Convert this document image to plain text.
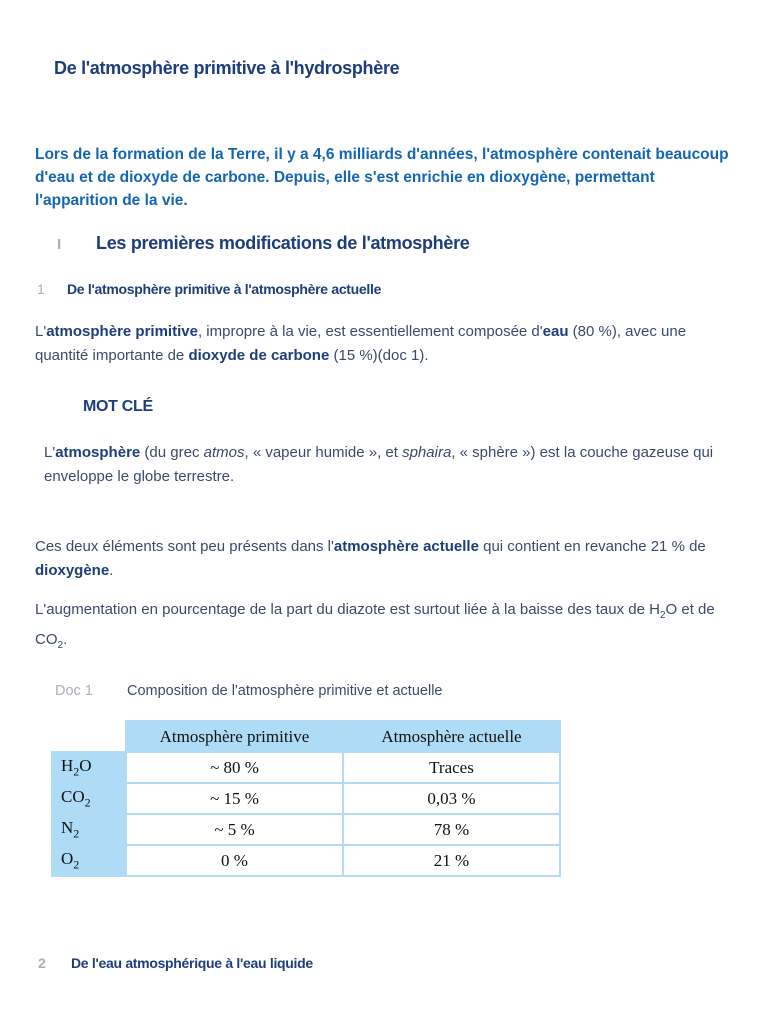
De l'atmosphère primitive à l'hydrosphère

Lors de la formation de la Terre, il y a 4,6 milliards d'années, l'atmosphère contenait beaucoup d'eau et de dioxyde de carbone. Depuis, elle s'est enrichie en dioxygène, permettant l'apparition de la vie.

I Les premières modifications de l'atmosphère
1 De l'atmosphère primitive à l'atmosphère actuelle

L'atmosphère primitive, impropre à la vie, est essentiellement composée d'eau (80 %), avec une quantité importante de dioxyde de carbone (15 %)(doc 1).

MOT CLÉ

L'atmosphère (du grec atmos, « vapeur humide », et sphaira, « sphère ») est la couche gazeuse qui enveloppe le globe terrestre.

Ces deux éléments sont peu présents dans l'atmosphère actuelle qui contient en revanche 21 % de dioxygène.

L'augmentation en pourcentage de la part du diazote est surtout liée à la baisse des taux de $H_2O$ et de $CO_2$.

Doc 1 Composition de l'atmosphère primitive et actuelle
	Atmosphère primitive	Atmosphère actuelle
$H_2O$	~ 80 %	Traces
$CO_2$	~ 15 %	0,03 %
$N_2$	~ 5 %	78 %
$O_2$	0 %	21 %
2 De l'eau atmosphérique à l'eau liquide
